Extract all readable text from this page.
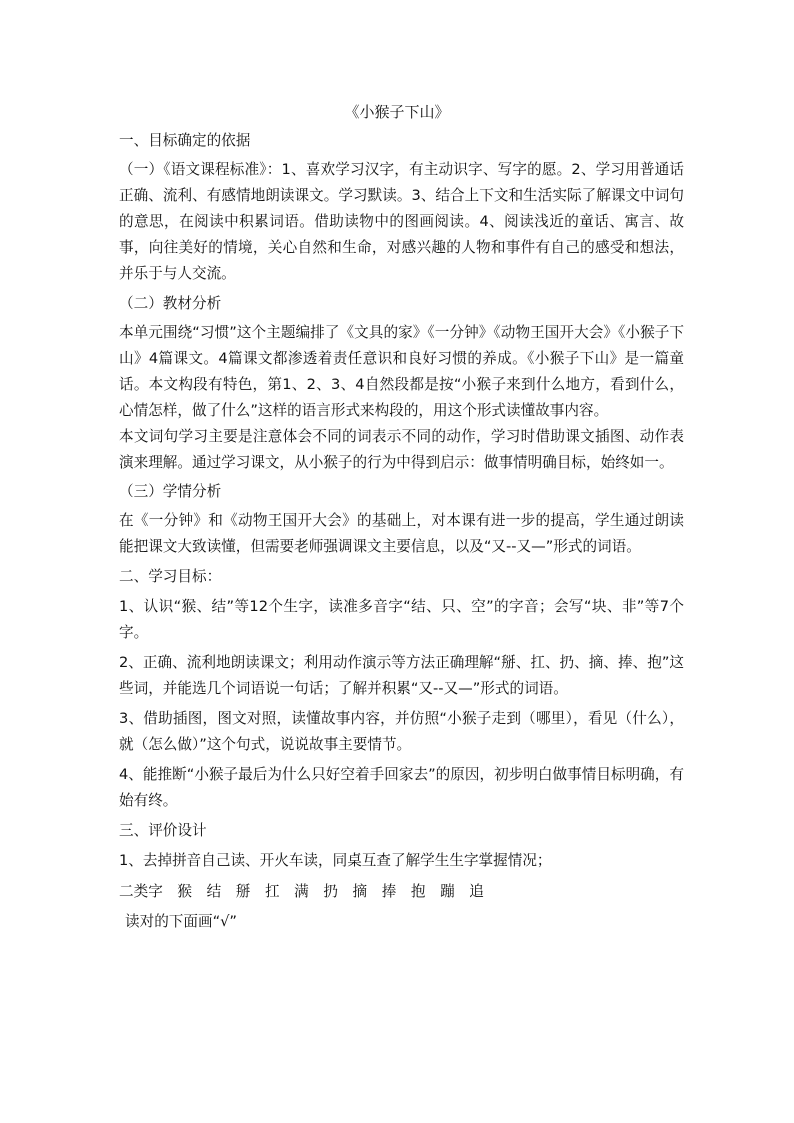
《小猴子下山》

一、目标确定的依据

（一）《语文课程标准》：1、喜欢学习汉字，有主动识字、写字的愿。2、学习用普通话正确、流利、有感情地朗读课文。学习默读。3、结合上下文和生活实际了解课文中词句的意思，在阅读中积累词语。借助读物中的图画阅读。4、阅读浅近的童话、寓言、故事，向往美好的情境，关心自然和生命，对感兴趣的人物和事件有自己的感受和想法，并乐于与人交流。

（二）教材分析

本单元围绕“习惯”这个主题编排了《文具的家》《一分钟》《动物王国开大会》《小猴子下山》4篇课文。4篇课文都渗透着责任意识和良好习惯的养成。《小猴子下山》是一篇童话。本文构段有特色，第1、2、3、4自然段都是按“小猴子来到什么地方，看到什么，心情怎样，做了什么”这样的语言形式来构段的，用这个形式读懂故事内容。

本文词句学习主要是注意体会不同的词表示不同的动作，学习时借助课文插图、动作表演来理解。通过学习课文，从小猴子的行为中得到启示：做事情明确目标，始终如一。

（三）学情分析

在《一分钟》和《动物王国开大会》的基础上，对本课有进一步的提高，学生通过朗读能把课文大致读懂，但需要老师强调课文主要信息，以及“又--又—”形式的词语。

二、学习目标：

1、认识“猴、结”等12个生字，读准多音字“结、只、空”的字音；会写“块、非”等7个字。

2、正确、流利地朗读课文；利用动作演示等方法正确理解“掰、扛、扔、摘、捧、抱”这些词，并能选几个词语说一句话；了解并积累“又--又—”形式的词语。

3、借助插图，图文对照，读懂故事内容，并仿照“小猴子走到（哪里），看见（什么），就（怎么做）”这个句式，说说故事主要情节。

4、能推断“小猴子最后为什么只好空着手回家去”的原因，初步明白做事情目标明确，有始有终。

三、评价设计

1、去掉拼音自己读、开火车读，同桌互查了解学生生字掌握情况；

二类字　猴　结　掰　扛　满　扔　摘　捧　抱　蹦　追

读对的下面画“√”
